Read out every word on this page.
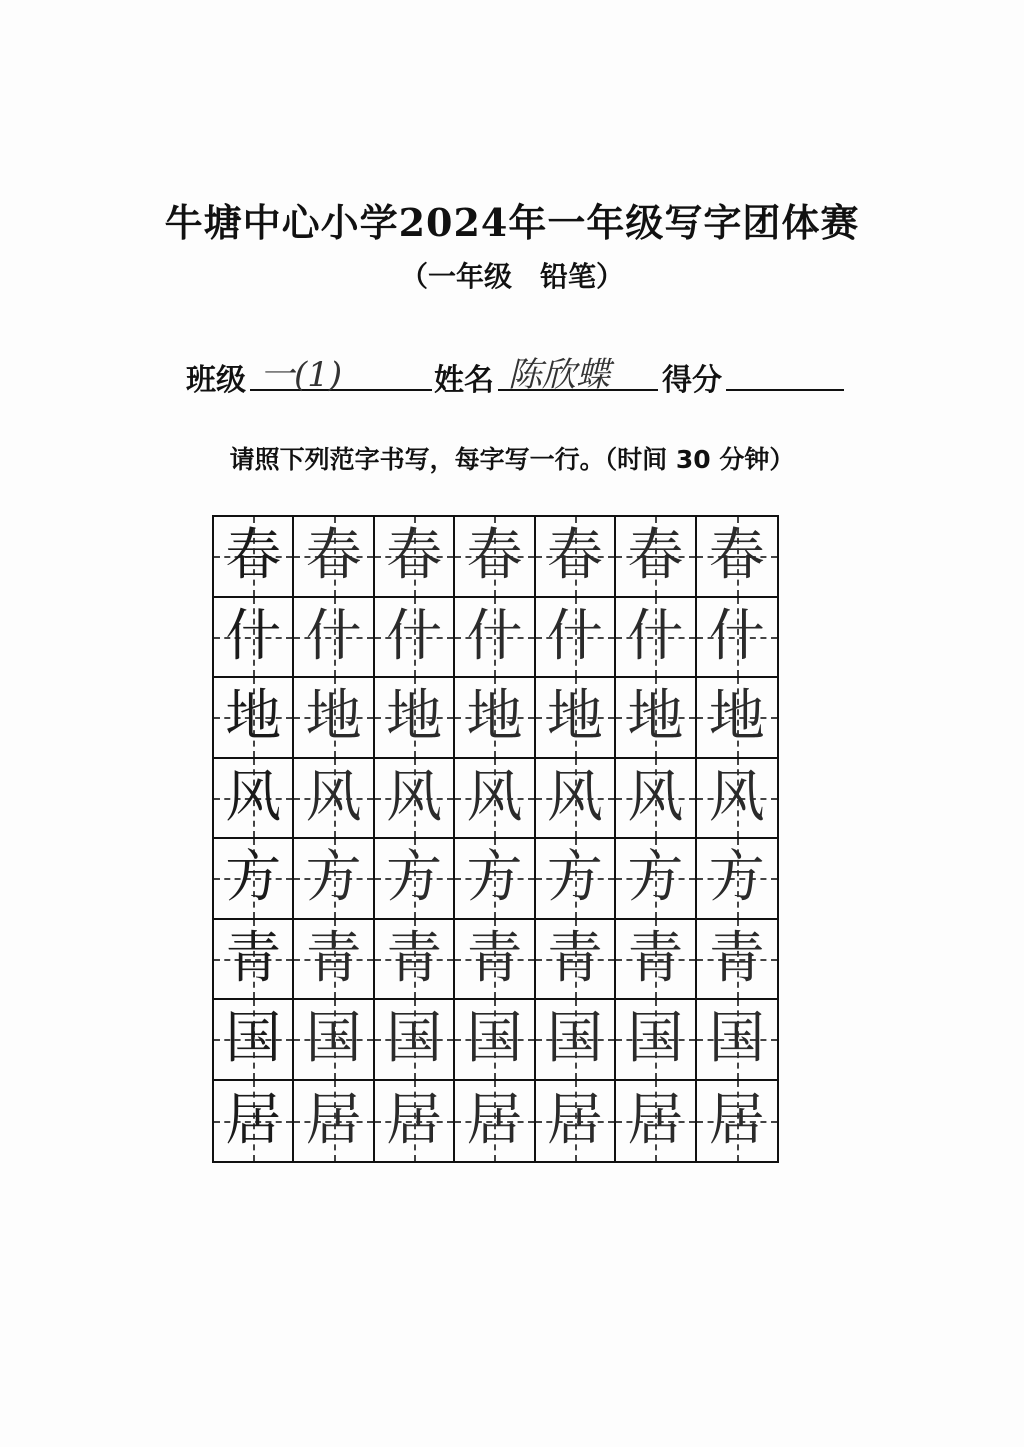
牛塘中心小学2024年一年级写字团体赛
（一年级　铅笔）
班级 一(1)	姓名 陈欣蝶 得分
请照下列范字书写，每字写一行。（时间 30 分钟）
春 春 春 春 春 春 春
什 什 什 什 什 什 什
地 地 地 地 地 地 地
风 风 风 风 风 风 风
方 方 方 方 方 方 方
青 青 青 青 青 青 青
国 国 国 国 国 国 国
居 居 居 居 居 居 居
